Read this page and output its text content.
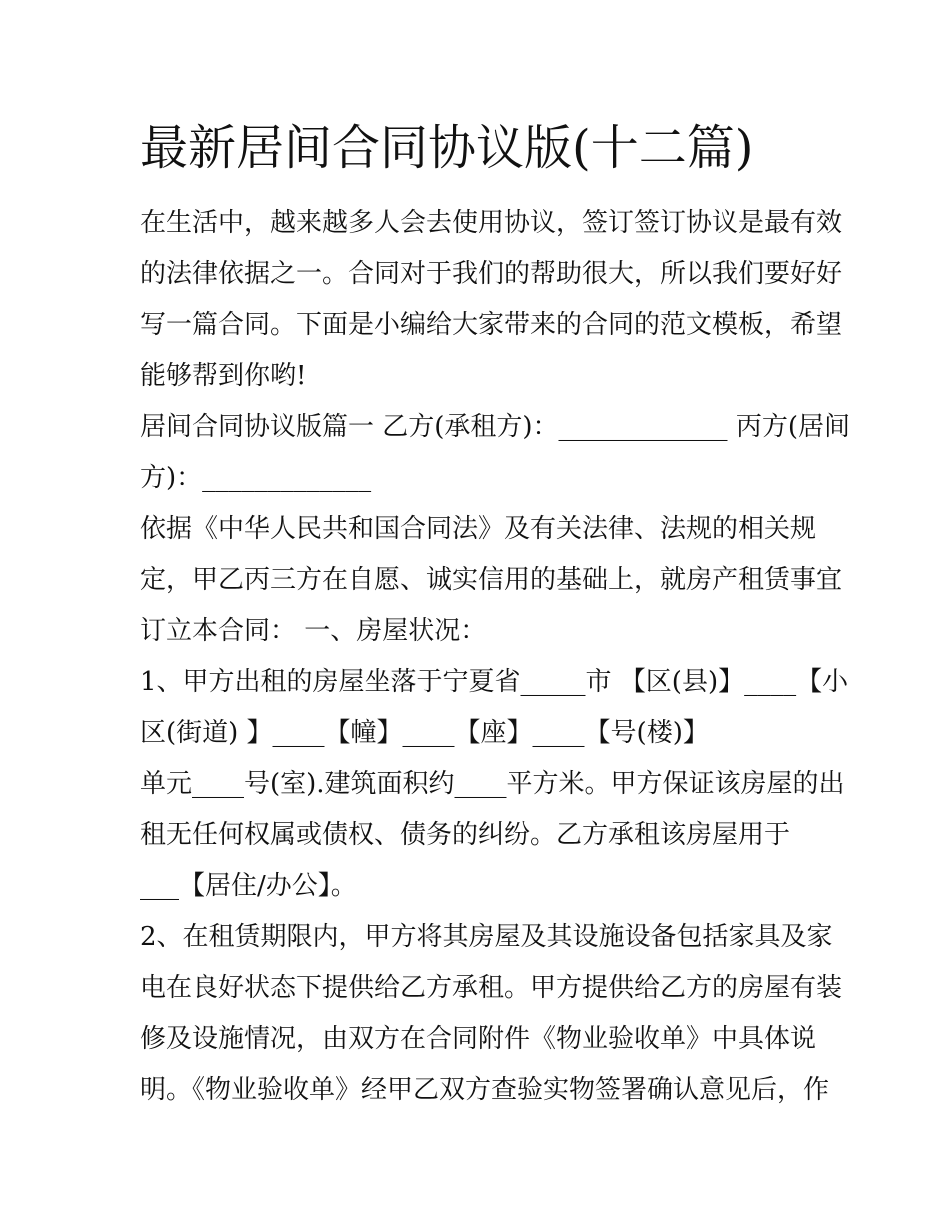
最新居间合同协议版(十二篇)
在生活中，越来越多人会去使用协议，签订签订协议是最有效
的法律依据之一。合同对于我们的帮助很大，所以我们要好好
写一篇合同。下面是小编给大家带来的合同的范文模板，希望
能够帮到你哟!
居间合同协议版篇一 乙方(承租方)：_____________ 丙方(居间
方)：_____________
依据《中华人民共和国合同法》及有关法律、法规的相关规
定，甲乙丙三方在自愿、诚实信用的基础上，就房产租赁事宜
订立本合同： 一、房屋状况：
1、甲方出租的房屋坐落于宁夏省_____市 【区(县)】____【小
区(街道) 】____【幢】____【座】____【号(楼)】
单元____号(室).建筑面积约____平方米。甲方保证该房屋的出
租无任何权属或债权、债务的纠纷。乙方承租该房屋用于
___【居住/办公】。
2、在租赁期限内，甲方将其房屋及其设施设备包括家具及家
电在良好状态下提供给乙方承租。甲方提供给乙方的房屋有装
修及设施情况，由双方在合同附件《物业验收单》中具体说
明。《物业验收单》经甲乙双方查验实物签署确认意见后，作
